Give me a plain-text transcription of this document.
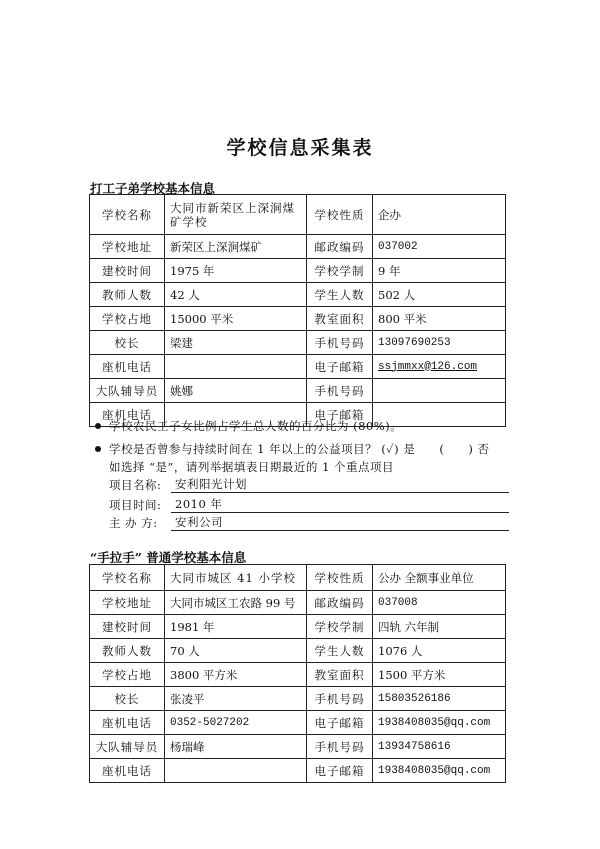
学校信息采集表
打工子弟学校基本信息
学校名称	大同市新荣区上深涧煤矿学校	学校性质	企办
学校地址	新荣区上深涧煤矿	邮政编码	037002
建校时间	1975 年	学校学制	9 年
教师人数	42 人	学生人数	502 人
学校占地	15000 平米	教室面积	800 平米
校长	梁建	手机号码	13097690253
座机电话		电子邮箱	ssjmmxx@126.com
大队辅导员	姚娜	手机号码	
座机电话		电子邮箱	
学校农民工子女比例占学生总人数的百分比为 (80%)。
学校是否曾参与持续时间在 1 年以上的公益项目？ (✓) 是　　(　　) 否
如选择 “是”，请列举据填表日期最近的 1 个重点项目
项目名称:	安利阳光计划
项目时间:	2010 年
主 办 方:	安利公司
“手拉手” 普通学校基本信息
学校名称	大同市城区 41 小学校	学校性质	公办 全额事业单位
学校地址	大同市城区工农路 99 号	邮政编码	037008
建校时间	1981 年	学校学制	四轨 六年制
教师人数	70 人	学生人数	1076 人
学校占地	3800 平方米	教室面积	1500 平方米
校长	张凌平	手机号码	15803526186
座机电话	0352-5027202	电子邮箱	1938408035@qq.com
大队辅导员	杨瑞峰	手机号码	13934758616
座机电话		电子邮箱	1938408035@qq.com
